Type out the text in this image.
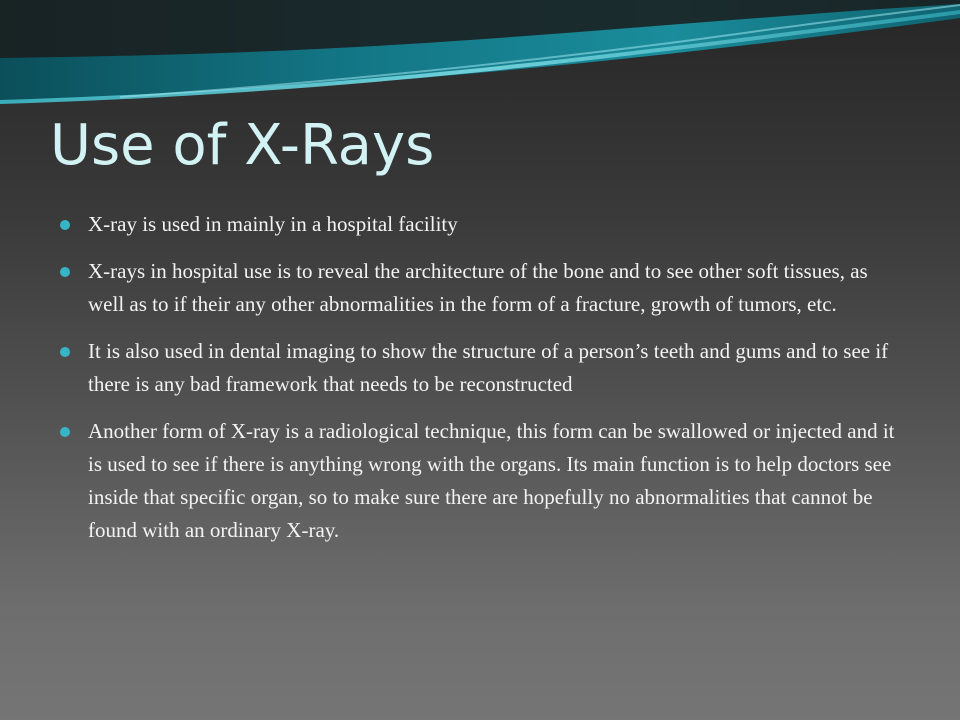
Use of X-Rays
X-ray is used in mainly in a hospital facility
X-rays in hospital use is to reveal the architecture of the bone and to see other soft tissues, as well as to if their any other abnormalities in the form of a fracture, growth of tumors, etc.
It is also used in dental imaging to show the structure of a person’s teeth and gums and to see if there is any bad framework that needs to be reconstructed
Another form of X-ray is a radiological technique, this form can be swallowed or injected and it is used to see if there is anything wrong with the organs. Its main function is to help doctors see inside that specific organ, so to make sure there are hopefully no abnormalities that cannot be found with an ordinary X-ray.
